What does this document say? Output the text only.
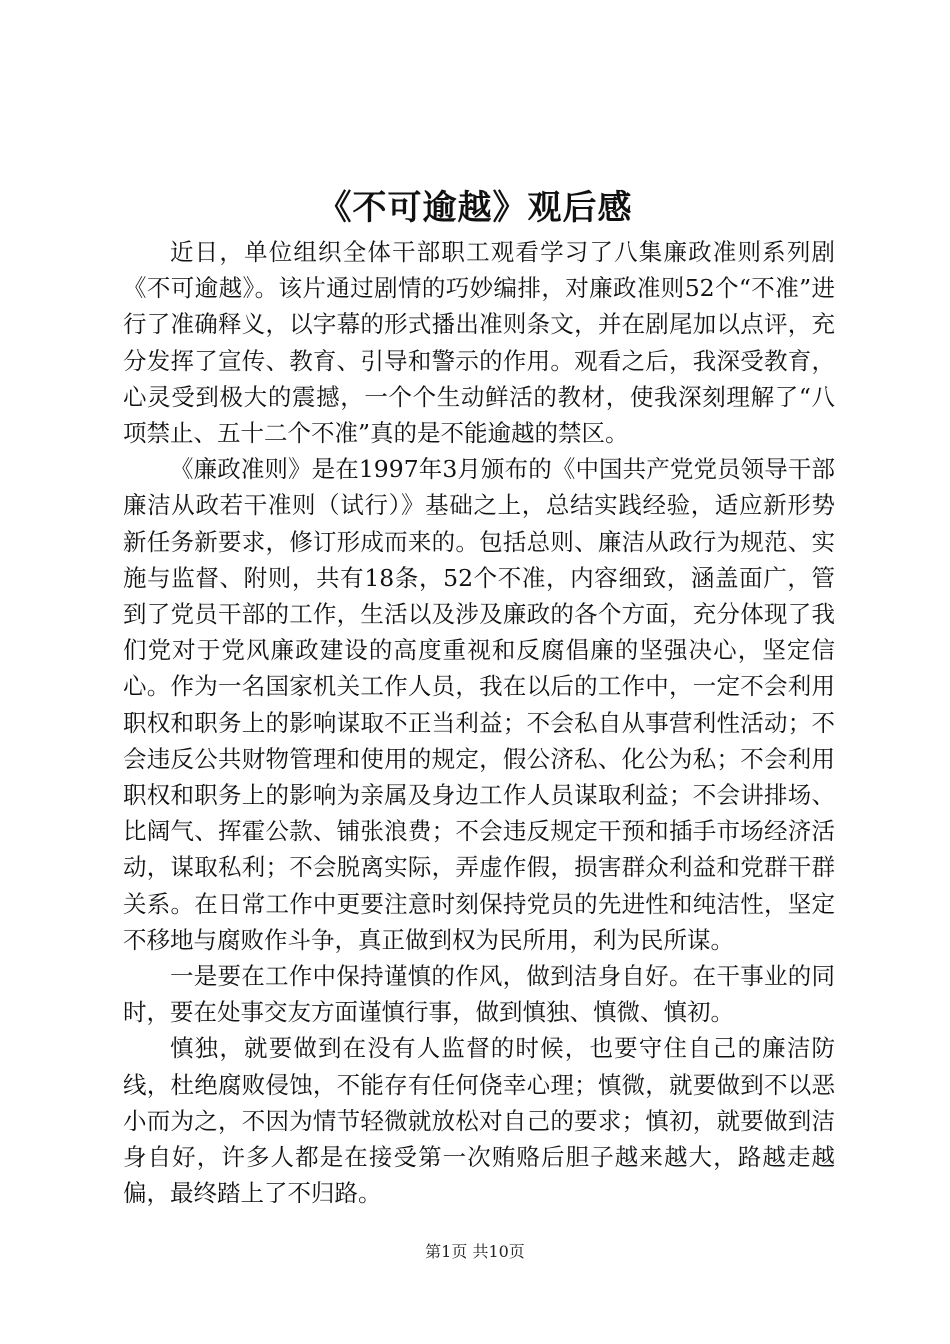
《不可逾越》观后感

近日，单位组织全体干部职工观看学习了八集廉政准则系列剧《不可逾越》。该片通过剧情的巧妙编排，对廉政准则52个“不准”进行了准确释义，以字幕的形式播出准则条文，并在剧尾加以点评，充分发挥了宣传、教育、引导和警示的作用。观看之后，我深受教育，心灵受到极大的震撼，一个个生动鲜活的教材，使我深刻理解了“八项禁止、五十二个不准”真的是不能逾越的禁区。

《廉政准则》是在1997年3月颁布的《中国共产党党员领导干部廉洁从政若干准则（试行）》基础之上，总结实践经验，适应新形势新任务新要求，修订形成而来的。包括总则、廉洁从政行为规范、实施与监督、附则，共有18条，52个不准，内容细致，涵盖面广，管到了党员干部的工作，生活以及涉及廉政的各个方面，充分体现了我们党对于党风廉政建设的高度重视和反腐倡廉的坚强决心，坚定信心。作为一名国家机关工作人员，我在以后的工作中，一定不会利用职权和职务上的影响谋取不正当利益；不会私自从事营利性活动；不会违反公共财物管理和使用的规定，假公济私、化公为私；不会利用职权和职务上的影响为亲属及身边工作人员谋取利益；不会讲排场、比阔气、挥霍公款、铺张浪费；不会违反规定干预和插手市场经济活动，谋取私利；不会脱离实际，弄虚作假，损害群众利益和党群干群关系。在日常工作中更要注意时刻保持党员的先进性和纯洁性，坚定不移地与腐败作斗争，真正做到权为民所用，利为民所谋。

一是要在工作中保持谨慎的作风，做到洁身自好。在干事业的同时，要在处事交友方面谨慎行事，做到慎独、慎微、慎初。

慎独，就要做到在没有人监督的时候，也要守住自己的廉洁防线，杜绝腐败侵蚀，不能存有任何侥幸心理；慎微，就要做到不以恶小而为之，不因为情节轻微就放松对自己的要求；慎初，就要做到洁身自好，许多人都是在接受第一次贿赂后胆子越来越大，路越走越偏，最终踏上了不归路。

第1页 共10页
